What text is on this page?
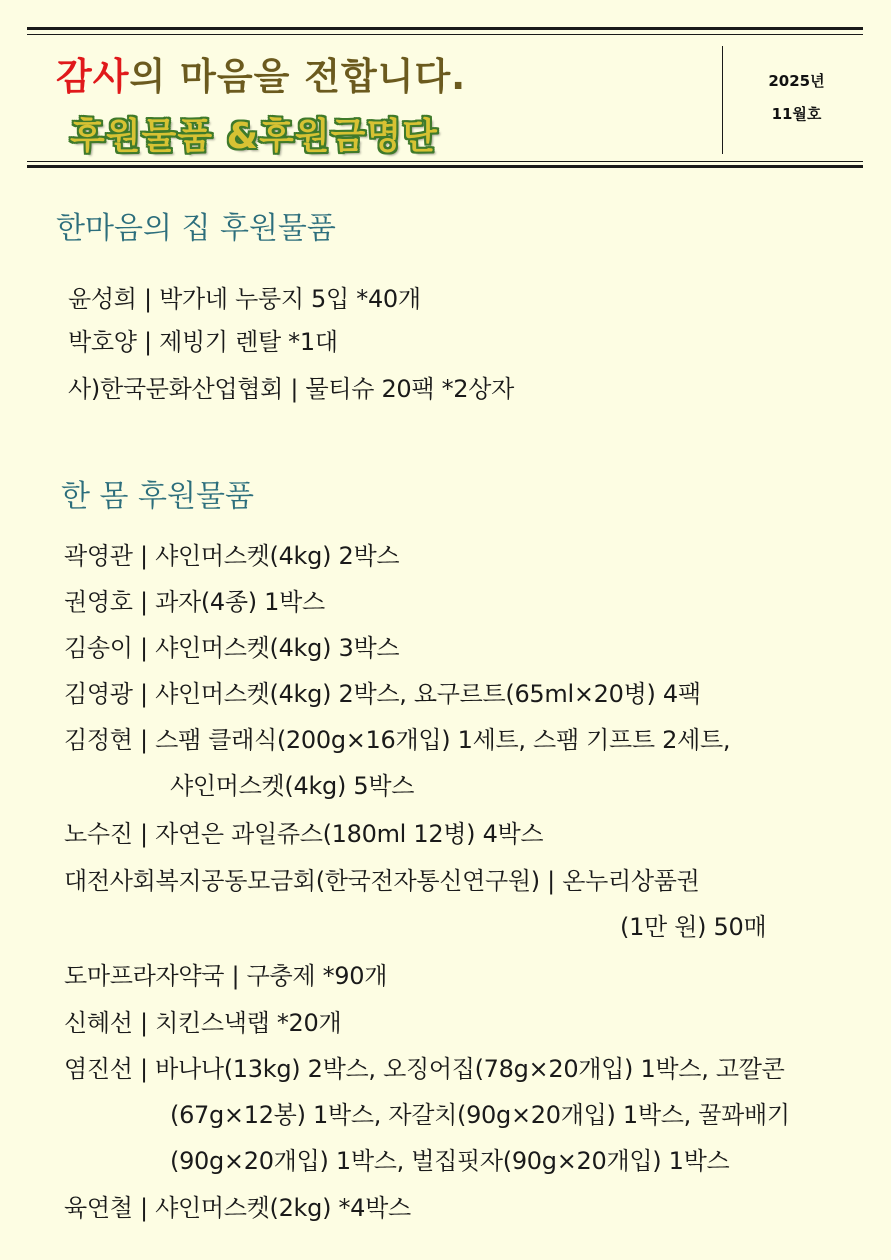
감사의 마음을 전합니다.
후원물품 &후원금명단
2025년
11월호
한마음의 집 후원물품
윤성희 | 박가네 누룽지 5입 *40개
박호양 | 제빙기 렌탈 *1대
사)한국문화산업협회 | 물티슈 20팩 *2상자
한 몸 후원물품
곽영관 | 샤인머스켓(4kg) 2박스
권영호 | 과자(4종) 1박스
김송이 | 샤인머스켓(4kg) 3박스
김영광 | 샤인머스켓(4kg) 2박스, 요구르트(65ml×20병) 4팩
김정현 | 스팸 클래식(200g×16개입) 1세트, 스팸 기프트 2세트,
샤인머스켓(4kg) 5박스
노수진 | 자연은 과일쥬스(180ml 12병) 4박스
대전사회복지공동모금회(한국전자통신연구원) | 온누리상품권
(1만 원) 50매
도마프라자약국 | 구충제 *90개
신혜선 | 치킨스낵랩 *20개
염진선 | 바나나(13kg) 2박스, 오징어집(78g×20개입) 1박스, 고깔콘
(67g×12봉) 1박스, 자갈치(90g×20개입) 1박스, 꿀꽈배기
(90g×20개입) 1박스, 벌집핏자(90g×20개입) 1박스
육연철 | 샤인머스켓(2kg) *4박스
